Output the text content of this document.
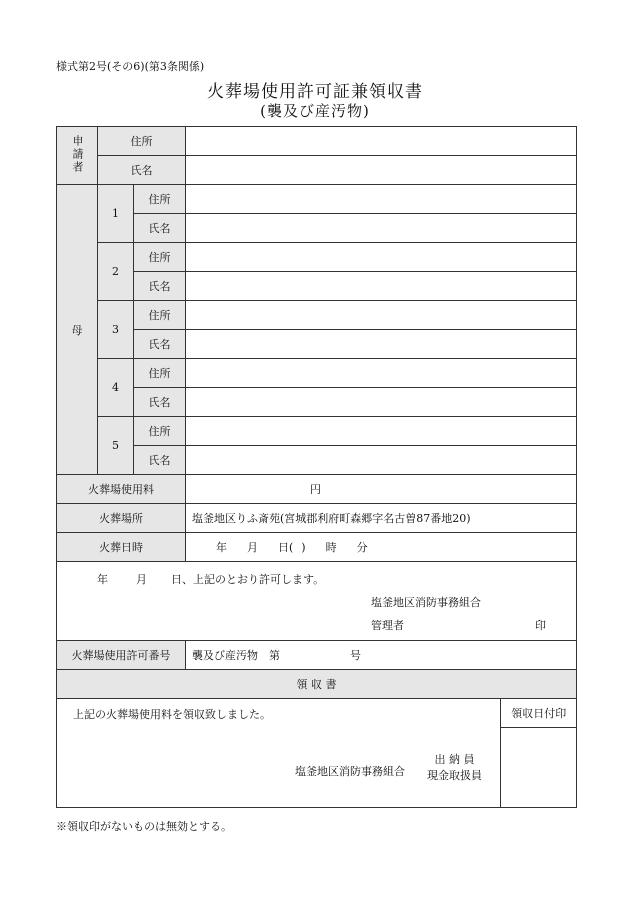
様式第2号(その6)(第3条関係)
火葬場使用許可証兼領収書
(襲及び産汚物)
申請者	住所	
氏名	
母	1	住所	
氏名	
2	住所	
氏名	
3	住所	
氏名	
4	住所	
氏名	
5	住所	
氏名	
火葬場使用料	円
火葬場所	塩釜地区りふ斎苑(宮城郡利府町森郷字名古曽87番地20)
火葬日時	年 月 日( ) 時 分

年	月 日、上記のとおり許可します。
塩釜地区消防事務組合
管理者	印

火葬場使用許可番号	襲及び産汚物　第	号
領 収 書

上記の火葬場使用料を領収致しました。
塩釜地区消防事務組合
出 納 員
現金取扱員
	領収日付印

※領収印がないものは無効とする。
